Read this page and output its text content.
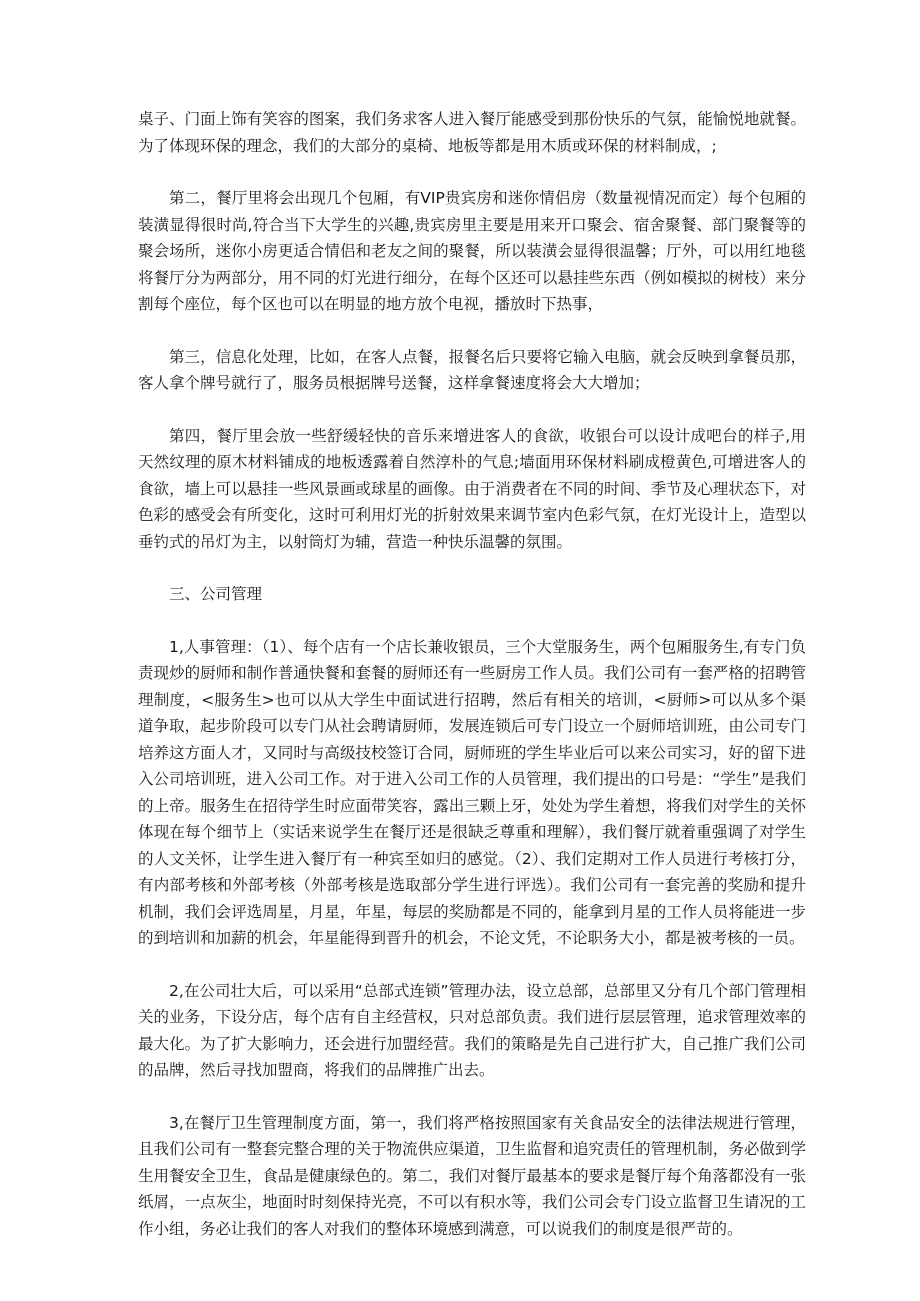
桌子、门面上饰有笑容的图案，我们务求客人进入餐厅能感受到那份快乐的气氛，能愉悦地就餐。为了体现环保的理念，我们的大部分的桌椅、地板等都是用木质或环保的材料制成，;

第二，餐厅里将会出现几个包厢，有VIP贵宾房和迷你情侣房（数量视情况而定）每个包厢的装潢显得很时尚,符合当下大学生的兴趣,贵宾房里主要是用来开口聚会、宿舍聚餐、部门聚餐等的聚会场所，迷你小房更适合情侣和老友之间的聚餐，所以装潢会显得很温馨；厅外，可以用红地毯将餐厅分为两部分，用不同的灯光进行细分，在每个区还可以悬挂些东西（例如模拟的树枝）来分割每个座位，每个区也可以在明显的地方放个电视，播放时下热事，

第三，信息化处理，比如，在客人点餐，报餐名后只要将它输入电脑，就会反映到拿餐员那，客人拿个牌号就行了，服务员根据牌号送餐，这样拿餐速度将会大大增加；

第四，餐厅里会放一些舒缓轻快的音乐来增进客人的食欲，收银台可以设计成吧台的样子,用天然纹理的原木材料铺成的地板透露着自然淳朴的气息;墙面用环保材料刷成橙黄色,可增进客人的食欲，墙上可以悬挂一些风景画或球星的画像。由于消费者在不同的时间、季节及心理状态下，对色彩的感受会有所变化，这时可利用灯光的折射效果来调节室内色彩气氛，在灯光设计上，造型以垂钓式的吊灯为主，以射筒灯为辅，营造一种快乐温馨的氛围。

三、公司管理

1,人事管理：（1）、每个店有一个店长兼收银员，三个大堂服务生，两个包厢服务生,有专门负责现炒的厨师和制作普通快餐和套餐的厨师还有一些厨房工作人员。我们公司有一套严格的招聘管理制度，<服务生>也可以从大学生中面试进行招聘，然后有相关的培训，<厨师>可以从多个渠道争取，起步阶段可以专门从社会聘请厨师，发展连锁后可专门设立一个厨师培训班，由公司专门培养这方面人才，又同时与高级技校签订合同，厨师班的学生毕业后可以来公司实习，好的留下进入公司培训班，进入公司工作。对于进入公司工作的人员管理，我们提出的口号是：“学生”是我们的上帝。服务生在招待学生时应面带笑容，露出三颗上牙，处处为学生着想，将我们对学生的关怀体现在每个细节上（实话来说学生在餐厅还是很缺乏尊重和理解），我们餐厅就着重强调了对学生的人文关怀，让学生进入餐厅有一种宾至如归的感觉。（2）、我们定期对工作人员进行考核打分，有内部考核和外部考核（外部考核是选取部分学生进行评选）。我们公司有一套完善的奖励和提升机制，我们会评选周星，月星，年星，每层的奖励都是不同的，能拿到月星的工作人员将能进一步的到培训和加薪的机会，年星能得到晋升的机会，不论文凭，不论职务大小，都是被考核的一员。

2,在公司壮大后，可以采用“总部式连锁”管理办法，设立总部，总部里又分有几个部门管理相关的业务，下设分店，每个店有自主经营权，只对总部负责。我们进行层层管理，追求管理效率的最大化。为了扩大影响力，还会进行加盟经营。我们的策略是先自己进行扩大，自己推广我们公司的品牌，然后寻找加盟商，将我们的品牌推广出去。

3,在餐厅卫生管理制度方面，第一，我们将严格按照国家有关食品安全的法律法规进行管理，且我们公司有一整套完整合理的关于物流供应渠道，卫生监督和追究责任的管理机制，务必做到学生用餐安全卫生，食品是健康绿色的。第二，我们对餐厅最基本的要求是餐厅每个角落都没有一张纸屑，一点灰尘，地面时时刻保持光亮，不可以有积水等，我们公司会专门设立监督卫生请况的工作小组，务必让我们的客人对我们的整体环境感到满意，可以说我们的制度是很严苛的。
